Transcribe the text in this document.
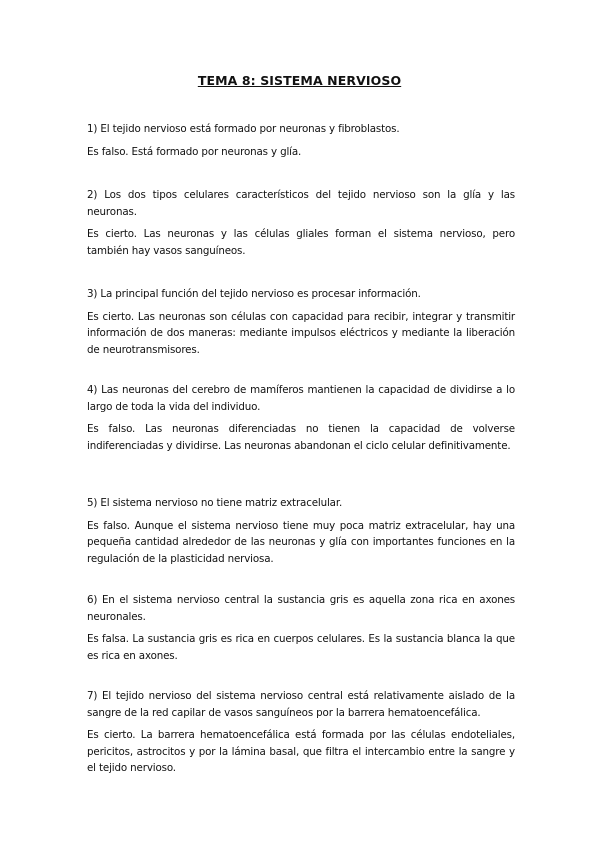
TEMA 8: SISTEMA NERVIOSO

1) El tejido nervioso está formado por neuronas y fibroblastos.

Es falso. Está formado por neuronas y glía.

2) Los dos tipos celulares característicos del tejido nervioso son la glía y las neuronas.

Es cierto. Las neuronas y las células gliales forman el sistema nervioso, pero también hay vasos sanguíneos.

3) La principal función del tejido nervioso es procesar información.

Es cierto. Las neuronas son células con capacidad para recibir, integrar y transmitir información de dos maneras: mediante impulsos eléctricos y mediante la liberación de neurotransmisores.

4) Las neuronas del cerebro de mamíferos mantienen la capacidad de dividirse a lo largo de toda la vida del individuo.

Es falso. Las neuronas diferenciadas no tienen la capacidad de volverse indiferenciadas y dividirse. Las neuronas abandonan el ciclo celular definitivamente.

5) El sistema nervioso no tiene matriz extracelular.

Es falso. Aunque el sistema nervioso tiene muy poca matriz extracelular, hay una pequeña cantidad alrededor de las neuronas y glía con importantes funciones en la regulación de la plasticidad nerviosa.

6) En el sistema nervioso central la sustancia gris es aquella zona rica en axones neuronales.

Es falsa. La sustancia gris es rica en cuerpos celulares. Es la sustancia blanca la que es rica en axones.

7) El tejido nervioso del sistema nervioso central está relativamente aislado de la sangre de la red capilar de vasos sanguíneos por la barrera hematoencefálica.

Es cierto. La barrera hematoencefálica está formada por las células endoteliales, pericitos, astrocitos y por la lámina basal, que filtra el intercambio entre la sangre y el tejido nervioso.
